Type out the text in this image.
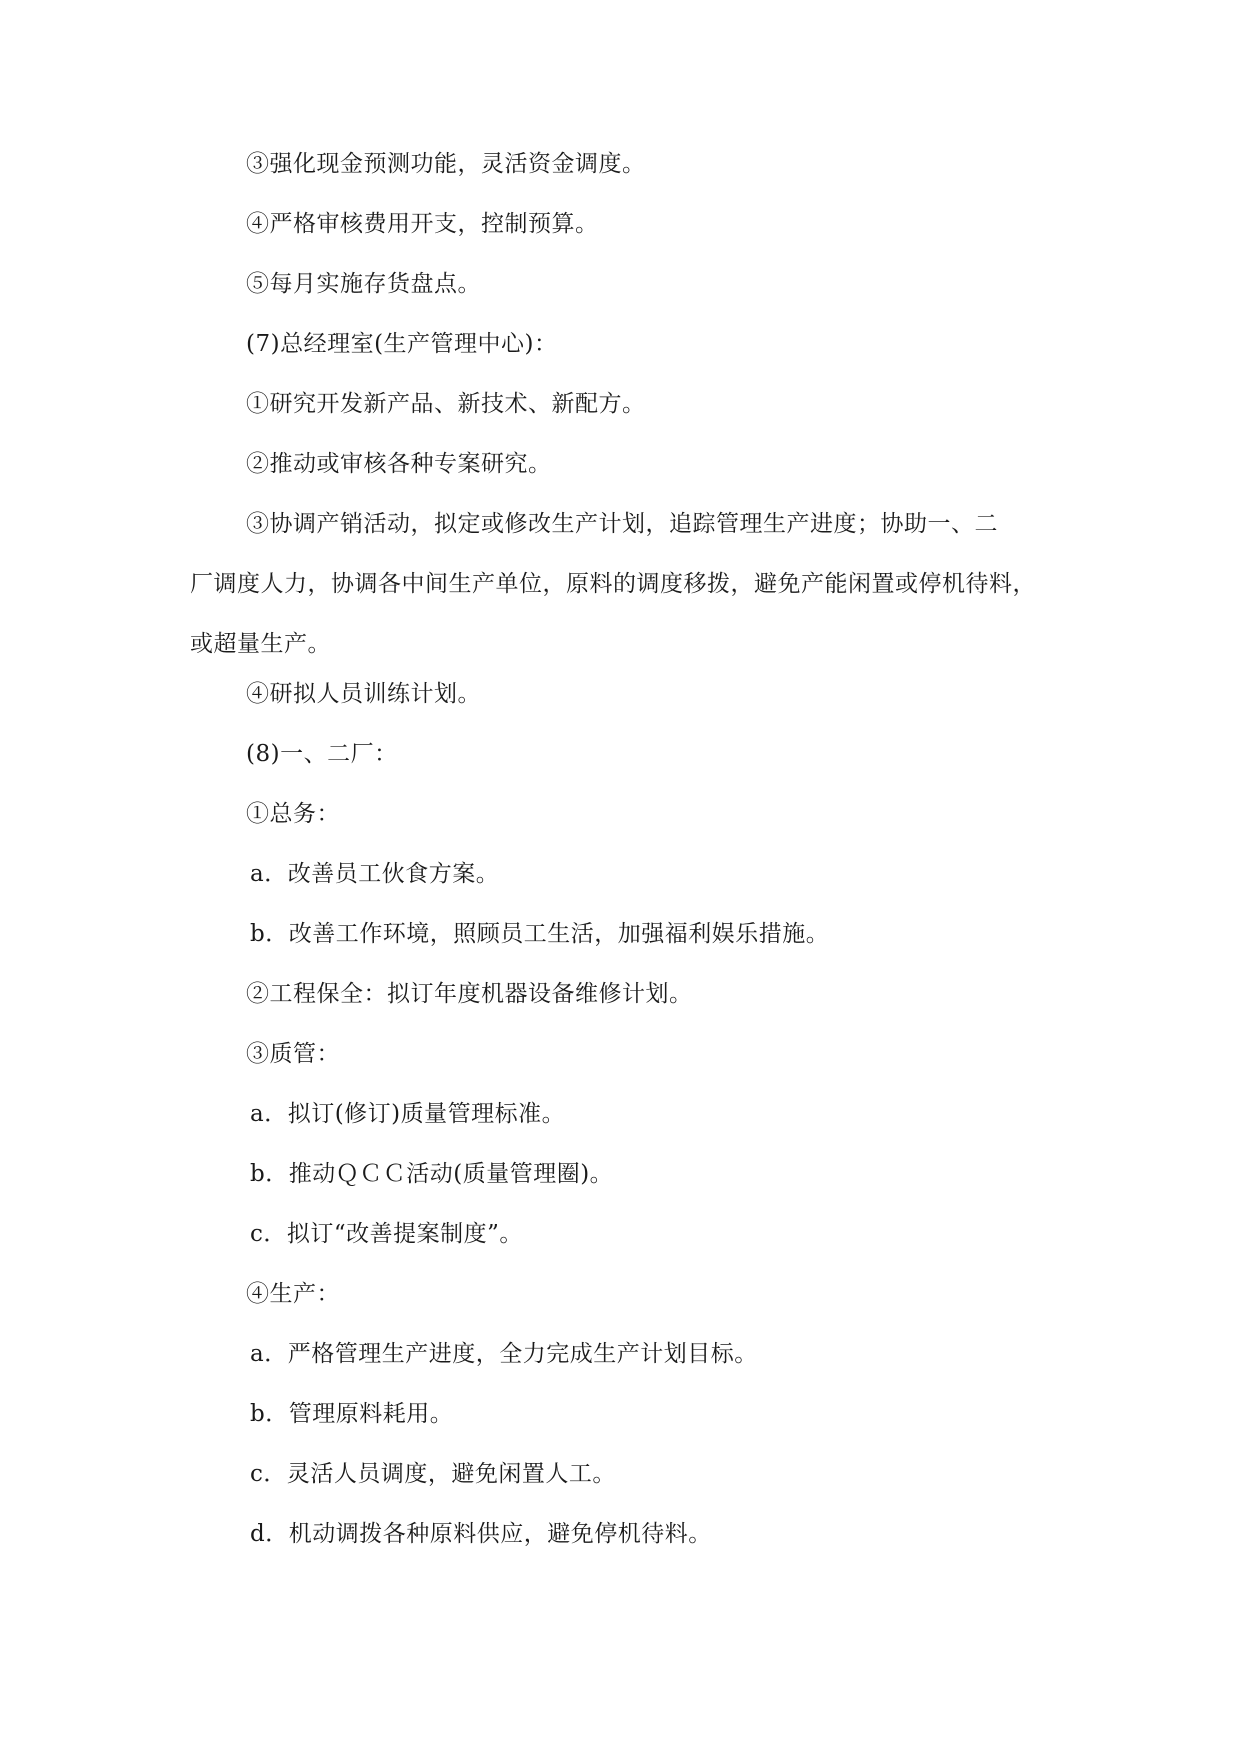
③强化现金预测功能，灵活资金调度。
④严格审核费用开支，控制预算。
⑤每月实施存货盘点。
(7)总经理室(生产管理中心)：
①研究开发新产品、新技术、新配方。
②推动或审核各种专案研究。
③协调产销活动，拟定或修改生产计划，追踪管理生产进度；协助一、二
厂调度人力，协调各中间生产单位，原料的调度移拨，避免产能闲置或停机待料，
或超量生产。
④研拟人员训练计划。
(8)一、二厂：
①总务：
a．改善员工伙食方案。
b．改善工作环境，照顾员工生活，加强福利娱乐措施。
②工程保全：拟订年度机器设备维修计划。
③质管：
a．拟订(修订)质量管理标准。
b．推动ＱＣＣ活动(质量管理圈)。
c．拟订“改善提案制度”。
④生产：
a．严格管理生产进度，全力完成生产计划目标。
b．管理原料耗用。
c．灵活人员调度，避免闲置人工。
d．机动调拨各种原料供应，避免停机待料。
